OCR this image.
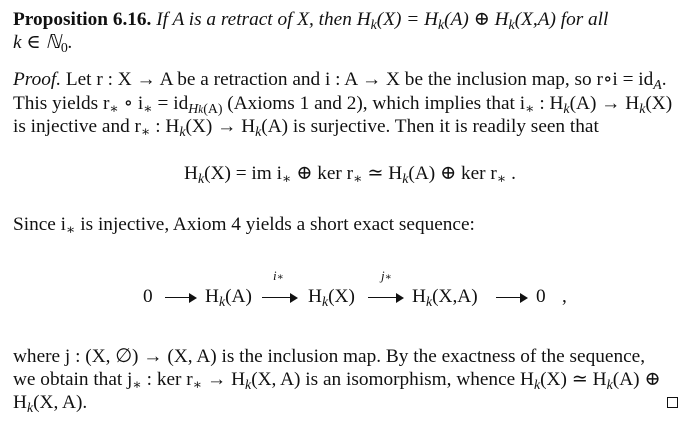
Proposition 6.16. If A is a retract of X, then $H_k(X) = H_k(A)$ ⊕ $H_k(X,A)$ for all
k ∈ ℕ$_0$.
Proof. Let r : X → A be a retraction and i : A → X be the inclusion map, so r∘i = $id_A$.
This yields $r_∗$ ∘ $i_∗ = id_{Hk(A)}$ (Axioms 1 and 2), which implies that $i_∗$ : $H_k(A) \to H_k(X)$
is injective and $r_∗$ : $H_k(X) \to H_k(A)$ is surjective. Then it is readily seen that
$H_k(X)$ = im $i_∗$ ⊕ ker $r_∗$ ≃ $H_k(A)$ ⊕ ker $r_∗$ .
Since $i_∗$ is injective, Axiom 4 yields a short exact sequence:
0	$H_k(A)$
i∗
$H_k(X)$
j∗
$H_k(X,A)$	0 ,
where j : (X, ∅) → (X, A) is the inclusion map. By the exactness of the sequence,
we obtain that $j_∗$ : ker $r_∗ \to H_k(X$, A) is an isomorphism, whence $H_k(X)$ ≃ $H_k(A)$ ⊕
$H_k(X$, A).
